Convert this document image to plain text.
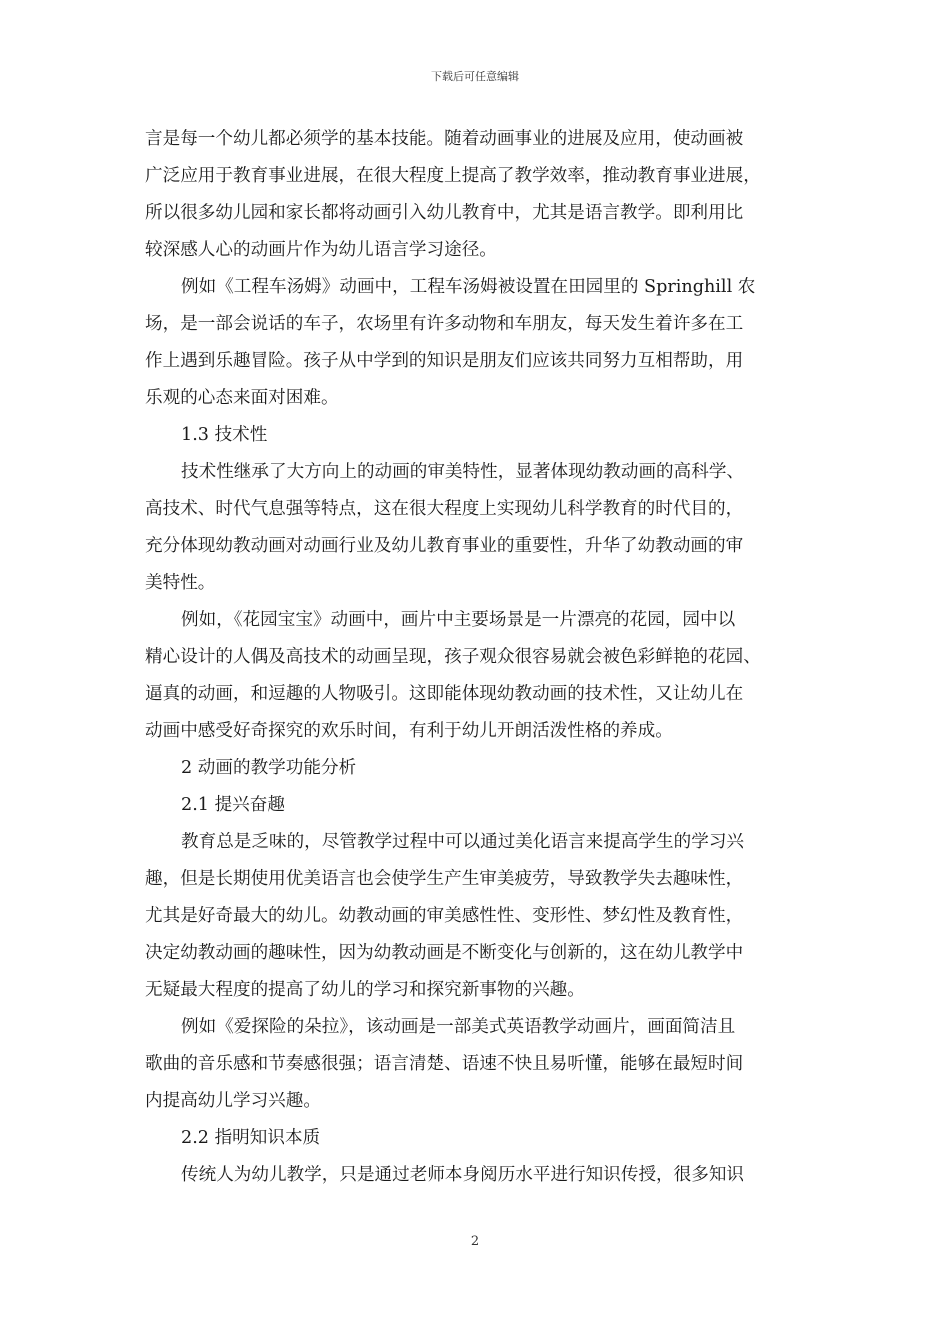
下载后可任意编辑
言是每一个幼儿都必须学的基本技能。随着动画事业的进展及应用，使动画被
广泛应用于教育事业进展，在很大程度上提高了教学效率，推动教育事业进展，
所以很多幼儿园和家长都将动画引入幼儿教育中，尤其是语言教学。即利用比
较深感人心的动画片作为幼儿语言学习途径。
例如《工程车汤姆》动画中，工程车汤姆被设置在田园里的 Springhill 农
场，是一部会说话的车子，农场里有许多动物和车朋友，每天发生着许多在工
作上遇到乐趣冒险。孩子从中学到的知识是朋友们应该共同努力互相帮助，用
乐观的心态来面对困难。
1.3 技术性
技术性继承了大方向上的动画的审美特性，显著体现幼教动画的高科学、
高技术、时代气息强等特点，这在很大程度上实现幼儿科学教育的时代目的，
充分体现幼教动画对动画行业及幼儿教育事业的重要性，升华了幼教动画的审
美特性。
例如，《花园宝宝》动画中，画片中主要场景是一片漂亮的花园，园中以
精心设计的人偶及高技术的动画呈现，孩子观众很容易就会被色彩鲜艳的花园、
逼真的动画，和逗趣的人物吸引。这即能体现幼教动画的技术性，又让幼儿在
动画中感受好奇探究的欢乐时间，有利于幼儿开朗活泼性格的养成。
2 动画的教学功能分析
2.1 提兴奋趣
教育总是乏味的，尽管教学过程中可以通过美化语言来提高学生的学习兴
趣，但是长期使用优美语言也会使学生产生审美疲劳，导致教学失去趣味性，
尤其是好奇最大的幼儿。幼教动画的审美感性性、变形性、梦幻性及教育性，
决定幼教动画的趣味性，因为幼教动画是不断变化与创新的，这在幼儿教学中
无疑最大程度的提高了幼儿的学习和探究新事物的兴趣。
例如《爱探险的朵拉》，该动画是一部美式英语教学动画片，画面简洁且
歌曲的音乐感和节奏感很强；语言清楚、语速不快且易听懂，能够在最短时间
内提高幼儿学习兴趣。
2.2 指明知识本质
传统人为幼儿教学，只是通过老师本身阅历水平进行知识传授，很多知识
2
